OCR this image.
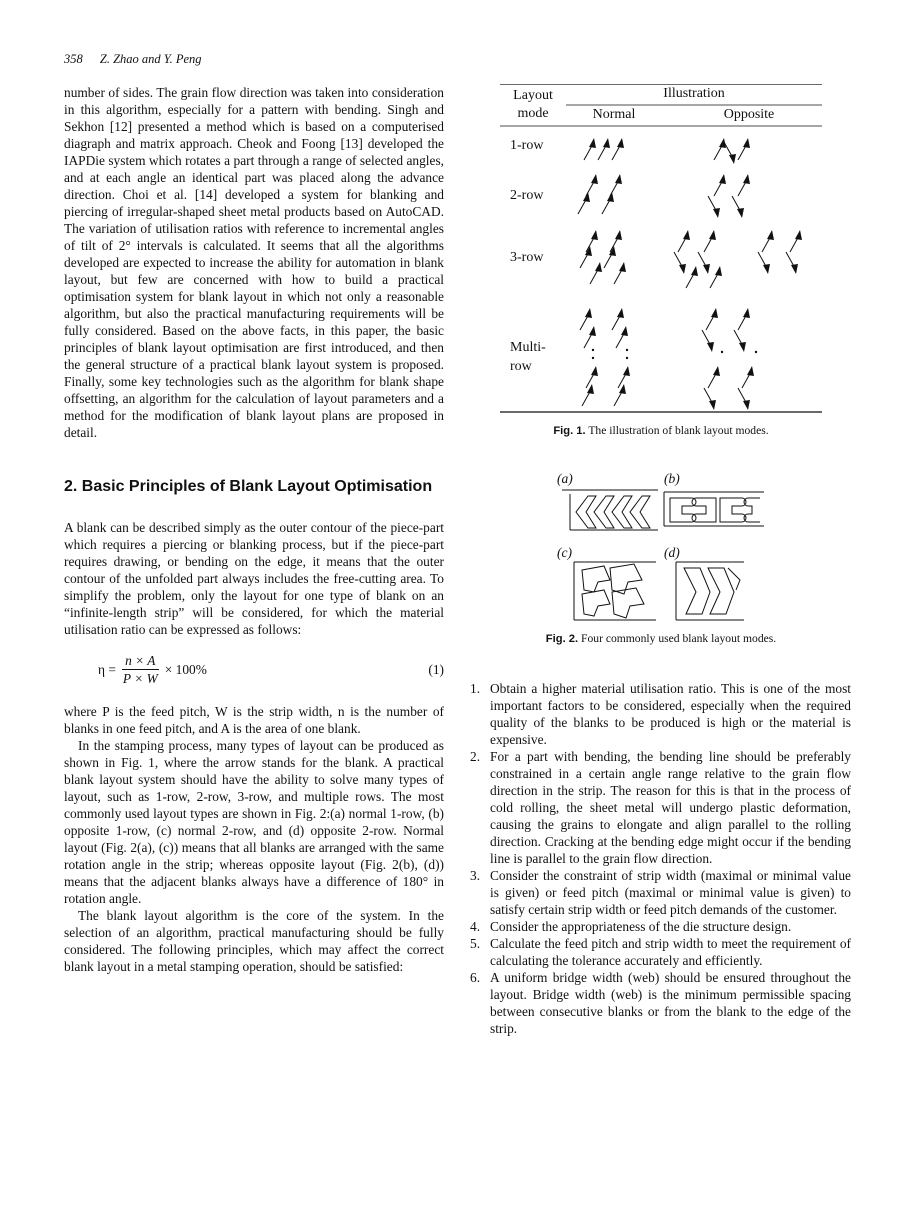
358 Z. Zhao and Y. Peng

number of sides. The grain flow direction was taken into consideration in this algorithm, especially for a pattern with bending. Singh and Sekhon [12] presented a method which is based on a computerised diagraph and matrix approach. Cheok and Foong [13] developed the IAPDie system which rotates a part through a range of selected angles, and at each angle an identical part was placed along the advance direction. Choi et al. [14] developed a system for blanking and piercing of irregular-shaped sheet metal products based on AutoCAD. The variation of utilisation ratios with reference to incremental angles of tilt of 2° intervals is calculated. It seems that all the algorithms developed are expected to increase the ability for automation in blank layout, but few are concerned with how to build a practical optimisation system for blank layout in which not only a reasonable algorithm, but also the practical manufacturing requirements will be fully considered. Based on the above facts, in this paper, the basic principles of blank layout optimisation are first introduced, and then the general structure of a practical blank layout system is proposed. Finally, some key technologies such as the algorithm for blank shape offsetting, an algorithm for the calculation of layout parameters and a method for the modification of blank layout plans are proposed in detail.

2. Basic Principles of Blank Layout Optimisation

A blank can be described simply as the outer contour of the piece-part which requires a piercing or blanking process, but if the piece-part requires drawing, or bending on the edge, it means that the outer contour of the unfolded part always includes the free-cutting area. To simplify the problem, only the layout for one type of blank on an “infinite-length strip” will be considered, for which the material utilisation ratio can be expressed as follows:

$\eta = \frac{n \times A}{P \times W} \times 100\%$	(1)

where P is the feed pitch, W is the strip width, n is the number of blanks in one feed pitch, and A is the area of one blank.

In the stamping process, many types of layout can be produced as shown in Fig. 1, where the arrow stands for the blank. A practical blank layout system should have the ability to solve many types of layout, such as 1-row, 2-row, 3-row, and multiple rows. The most commonly used layout types are shown in Fig. 2:(a) normal 1-row, (b) opposite 1-row, (c) normal 2-row, and (d) opposite 2-row. Normal layout (Fig. 2(a), (c)) means that all blanks are arranged with the same rotation angle in the strip; whereas opposite layout (Fig. 2(b), (d)) means that the adjacent blanks always have a difference of 180° in rotation angle.

The blank layout algorithm is the core of the system. In the selection of an algorithm, practical manufacturing should be fully considered. The following principles, which may affect the correct blank layout in a metal stamping operation, should be satisfied:

Layout
mode
Illustration
Normal	Opposite
1-row
2-row
3-row
Multi-
row
Fig. 1. The illustration of blank layout modes.
(a)	(b)
(c)	(d)
Fig. 2. Four commonly used blank layout modes.
1. Obtain a higher material utilisation ratio. This is one of the most important factors to be considered, especially when the required quality of the blanks to be produced is high or the material is expensive.
2. For a part with bending, the bending line should be preferably constrained in a certain angle range relative to the grain flow direction in the strip. The reason for this is that in the process of cold rolling, the sheet metal will undergo plastic deformation, causing the grains to elongate and align parallel to the rolling direction. Cracking at the bending edge might occur if the bending line is parallel to the grain flow direction.
3. Consider the constraint of strip width (maximal or minimal value is given) or feed pitch (maximal or minimal value is given) to satisfy certain strip width or feed pitch demands of the customer.
4. Consider the appropriateness of the die structure design.
5. Calculate the feed pitch and strip width to meet the requirement of calculating the tolerance accurately and efficiently.
6. A uniform bridge width (web) should be ensured throughout the layout. Bridge width (web) is the minimum permissible spacing between consecutive blanks or from the blank to the edge of the strip.
